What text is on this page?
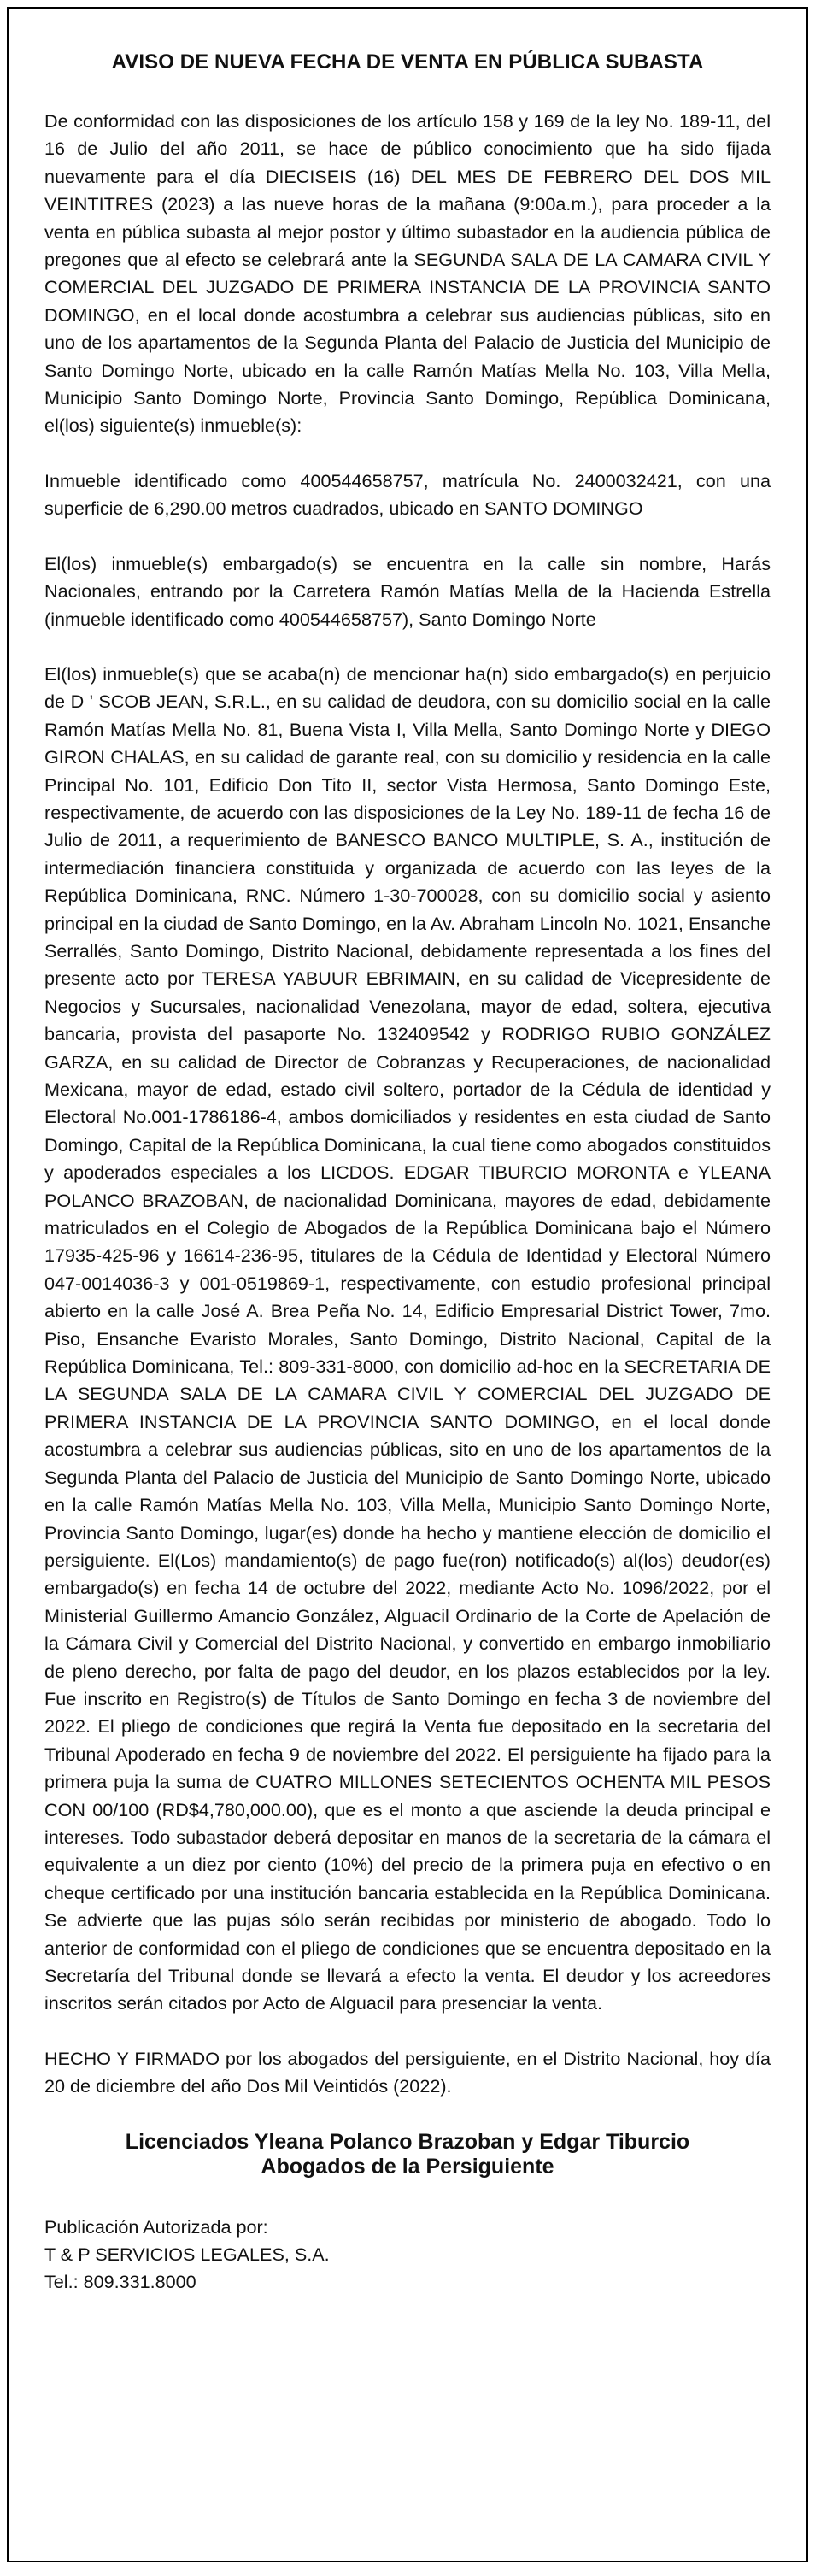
AVISO DE NUEVA FECHA DE VENTA EN PÚBLICA SUBASTA

De conformidad con las disposiciones de los artículo 158 y 169 de la ley No. 189-11, del 16 de Julio del año 2011, se hace de público conocimiento que ha sido fijada nuevamente para el día DIECISEIS (16) DEL MES DE FEBRERO DEL DOS MIL VEINTITRES (2023) a las nueve horas de la mañana (9:00a.m.), para proceder a la venta en pública subasta al mejor postor y último subastador en la audiencia pública de pregones que al efecto se celebrará ante la SEGUNDA SALA DE LA CAMARA CIVIL Y COMERCIAL DEL JUZGADO DE PRIMERA INSTANCIA DE LA PROVINCIA SANTO DOMINGO, en el local donde acostumbra a celebrar sus audiencias públicas, sito en uno de los apartamentos de la Segunda Planta del Palacio de Justicia del Municipio de Santo Domingo Norte, ubicado en la calle Ramón Matías Mella No. 103, Villa Mella, Municipio Santo Domingo Norte, Provincia Santo Domingo, República Dominicana, el(los) siguiente(s) inmueble(s):

Inmueble identificado como 400544658757, matrícula No. 2400032421, con una superficie de 6,290.00 metros cuadrados, ubicado en SANTO DOMINGO

El(los) inmueble(s) embargado(s) se encuentra en la calle sin nombre, Harás Nacionales, entrando por la Carretera Ramón Matías Mella de la Hacienda Estrella (inmueble identificado como 400544658757), Santo Domingo Norte

El(los) inmueble(s) que se acaba(n) de mencionar ha(n) sido embargado(s) en perjuicio de D ' SCOB JEAN, S.R.L., en su calidad de deudora, con su domicilio social en la calle Ramón Matías Mella No. 81, Buena Vista I, Villa Mella, Santo Domingo Norte y DIEGO GIRON CHALAS, en su calidad de garante real, con su domicilio y residencia en la calle Principal No. 101, Edificio Don Tito II, sector Vista Hermosa, Santo Domingo Este, respectivamente, de acuerdo con las disposiciones de la Ley No. 189-11 de fecha 16 de Julio de 2011, a requerimiento de BANESCO BANCO MULTIPLE, S. A., institución de intermediación financiera constituida y organizada de acuerdo con las leyes de la República Dominicana, RNC. Número 1-30-700028, con su domicilio social y asiento principal en la ciudad de Santo Domingo, en la Av. Abraham Lincoln No. 1021, Ensanche Serrallés, Santo Domingo, Distrito Nacional, debidamente representada a los fines del presente acto por TERESA YABUUR EBRIMAIN, en su calidad de Vicepresidente de Negocios y Sucursales, nacionalidad Venezolana, mayor de edad, soltera, ejecutiva bancaria, provista del pasaporte No. 132409542 y RODRIGO RUBIO GONZÁLEZ GARZA, en su calidad de Director de Cobranzas y Recuperaciones, de nacionalidad Mexicana, mayor de edad, estado civil soltero, portador de la Cédula de identidad y Electoral No.001-1786186-4, ambos domiciliados y residentes en esta ciudad de Santo Domingo, Capital de la República Dominicana, la cual tiene como abogados constituidos y apoderados especiales a los LICDOS. EDGAR TIBURCIO MORONTA e YLEANA POLANCO BRAZOBAN, de nacionalidad Dominicana, mayores de edad, debidamente matriculados en el Colegio de Abogados de la República Dominicana bajo el Número 17935-425-96 y 16614-236-95, titulares de la Cédula de Identidad y Electoral Número 047-0014036-3 y 001-0519869-1, respectivamente, con estudio profesional principal abierto en la calle José A. Brea Peña No. 14, Edificio Empresarial District Tower, 7mo. Piso, Ensanche Evaristo Morales, Santo Domingo, Distrito Nacional, Capital de la República Dominicana, Tel.: 809-331-8000, con domicilio ad-hoc en la SECRETARIA DE LA SEGUNDA SALA DE LA CAMARA CIVIL Y COMERCIAL DEL JUZGADO DE PRIMERA INSTANCIA DE LA PROVINCIA SANTO DOMINGO, en el local donde acostumbra a celebrar sus audiencias públicas, sito en uno de los apartamentos de la Segunda Planta del Palacio de Justicia del Municipio de Santo Domingo Norte, ubicado en la calle Ramón Matías Mella No. 103, Villa Mella, Municipio Santo Domingo Norte, Provincia Santo Domingo, lugar(es) donde ha hecho y mantiene elección de domicilio el persiguiente. El(Los) mandamiento(s) de pago fue(ron) notificado(s) al(los) deudor(es) embargado(s) en fecha 14 de octubre del 2022, mediante Acto No. 1096/2022, por el Ministerial Guillermo Amancio González, Alguacil Ordinario de la Corte de Apelación de la Cámara Civil y Comercial del Distrito Nacional, y convertido en embargo inmobiliario de pleno derecho, por falta de pago del deudor, en los plazos establecidos por la ley. Fue inscrito en Registro(s) de Títulos de Santo Domingo en fecha 3 de noviembre del 2022. El pliego de condiciones que regirá la Venta fue depositado en la secretaria del Tribunal Apoderado en fecha 9 de noviembre del 2022. El persiguiente ha fijado para la primera puja la suma de CUATRO MILLONES SETECIENTOS OCHENTA MIL PESOS CON 00/100 (RD$4,780,000.00), que es el monto a que asciende la deuda principal e intereses. Todo subastador deberá depositar en manos de la secretaria de la cámara el equivalente a un diez por ciento (10%) del precio de la primera puja en efectivo o en cheque certificado por una institución bancaria establecida en la República Dominicana. Se advierte que las pujas sólo serán recibidas por ministerio de abogado. Todo lo anterior de conformidad con el pliego de condiciones que se encuentra depositado en la Secretaría del Tribunal donde se llevará a efecto la venta. El deudor y los acreedores inscritos serán citados por Acto de Alguacil para presenciar la venta.

HECHO Y FIRMADO por los abogados del persiguiente, en el Distrito Nacional, hoy día 20 de diciembre del año Dos Mil Veintidós (2022).

Licenciados Yleana Polanco Brazoban y Edgar Tiburcio
Abogados de la Persiguiente
Publicación Autorizada por:
T & P SERVICIOS LEGALES, S.A.
Tel.: 809.331.8000
